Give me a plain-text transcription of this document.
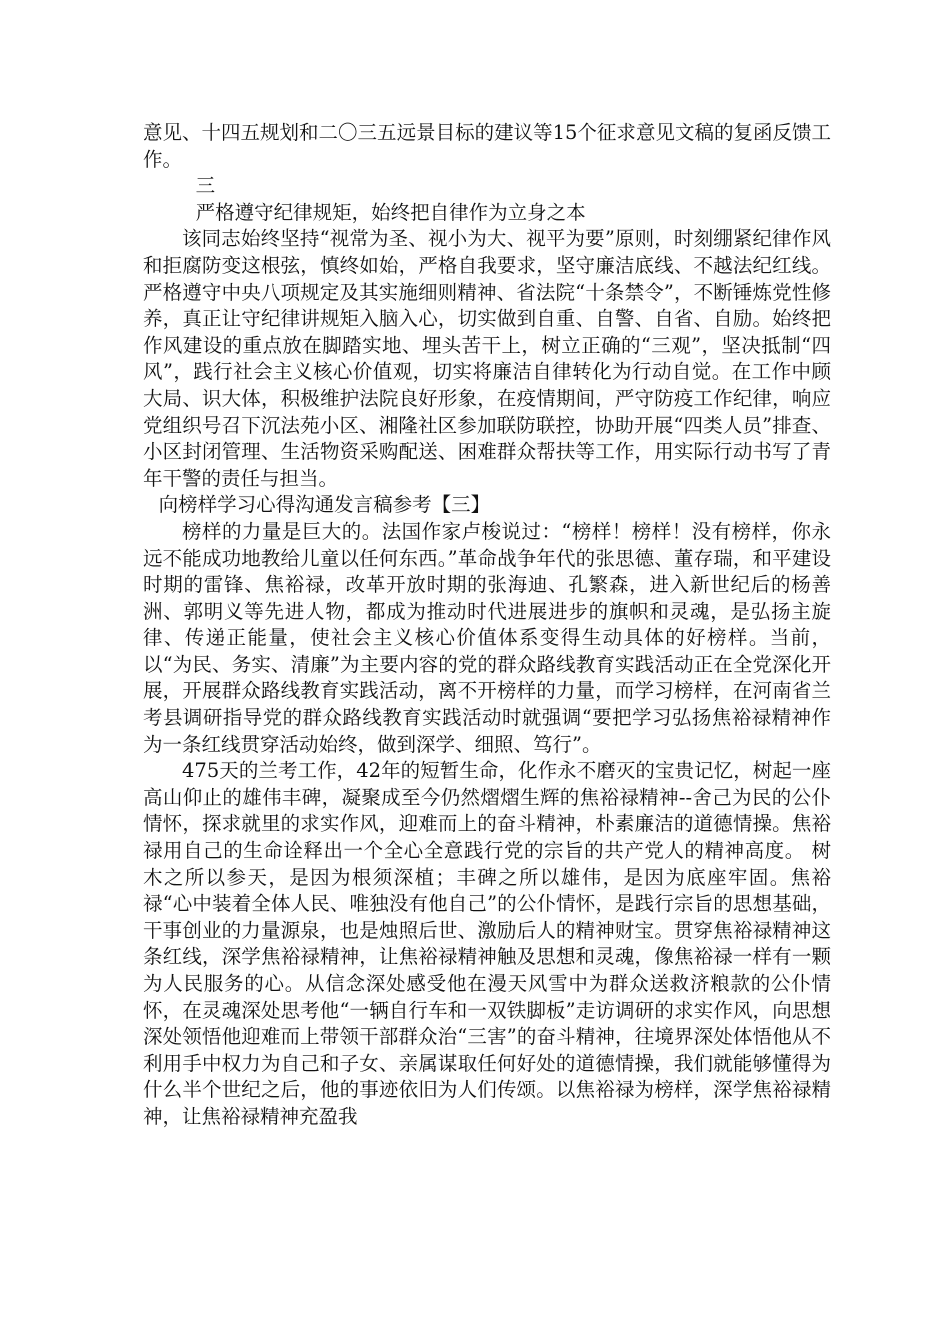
意见、十四五规划和二〇三五远景目标的建议等15个征求意见文稿的复函反馈工作。

三

严格遵守纪律规矩，始终把自律作为立身之本

该同志始终坚持“视常为圣、视小为大、视平为要”原则，时刻绷紧纪律作风和拒腐防变这根弦，慎终如始，严格自我要求，坚守廉洁底线、不越法纪红线。严格遵守中央八项规定及其实施细则精神、省法院“十条禁令”，不断锤炼党性修养，真正让守纪律讲规矩入脑入心，切实做到自重、自警、自省、自励。始终把作风建设的重点放在脚踏实地、埋头苦干上，树立正确的“三观”，坚决抵制“四风”，践行社会主义核心价值观，切实将廉洁自律转化为行动自觉。在工作中顾大局、识大体，积极维护法院良好形象，在疫情期间，严守防疫工作纪律，响应党组织号召下沉法苑小区、湘隆社区参加联防联控，协助开展“四类人员”排查、小区封闭管理、生活物资采购配送、困难群众帮扶等工作，用实际行动书写了青年干警的责任与担当。

向榜样学习心得沟通发言稿参考【三】

榜样的力量是巨大的。法国作家卢梭说过：“榜样！榜样！没有榜样，你永远不能成功地教给儿童以任何东西。”革命战争年代的张思德、董存瑞，和平建设时期的雷锋、焦裕禄，改革开放时期的张海迪、孔繁森，进入新世纪后的杨善洲、郭明义等先进人物，都成为推动时代进展进步的旗帜和灵魂，是弘扬主旋律、传递正能量，使社会主义核心价值体系变得生动具体的好榜样。当前，以“为民、务实、清廉”为主要内容的党的群众路线教育实践活动正在全党深化开展，开展群众路线教育实践活动，离不开榜样的力量，而学习榜样，在河南省兰考县调研指导党的群众路线教育实践活动时就强调“要把学习弘扬焦裕禄精神作为一条红线贯穿活动始终，做到深学、细照、笃行”。

475天的兰考工作，42年的短暂生命，化作永不磨灭的宝贵记忆，树起一座高山仰止的雄伟丰碑，凝聚成至今仍然熠熠生辉的焦裕禄精神--舍己为民的公仆情怀，探求就里的求实作风，迎难而上的奋斗精神，朴素廉洁的道德情操。焦裕禄用自己的生命诠释出一个全心全意践行党的宗旨的共产党人的精神高度。 树木之所以参天，是因为根须深植；丰碑之所以雄伟，是因为底座牢固。焦裕禄“心中装着全体人民、唯独没有他自己”的公仆情怀，是践行宗旨的思想基础，干事创业的力量源泉，也是烛照后世、激励后人的精神财宝。贯穿焦裕禄精神这条红线，深学焦裕禄精神，让焦裕禄精神触及思想和灵魂，像焦裕禄一样有一颗为人民服务的心。从信念深处感受他在漫天风雪中为群众送救济粮款的公仆情怀，在灵魂深处思考他“一辆自行车和一双铁脚板”走访调研的求实作风，向思想深处领悟他迎难而上带领干部群众治“三害”的奋斗精神，往境界深处体悟他从不利用手中权力为自己和子女、亲属谋取任何好处的道德情操，我们就能够懂得为什么半个世纪之后，他的事迹依旧为人们传颂。以焦裕禄为榜样，深学焦裕禄精神，让焦裕禄精神充盈我
